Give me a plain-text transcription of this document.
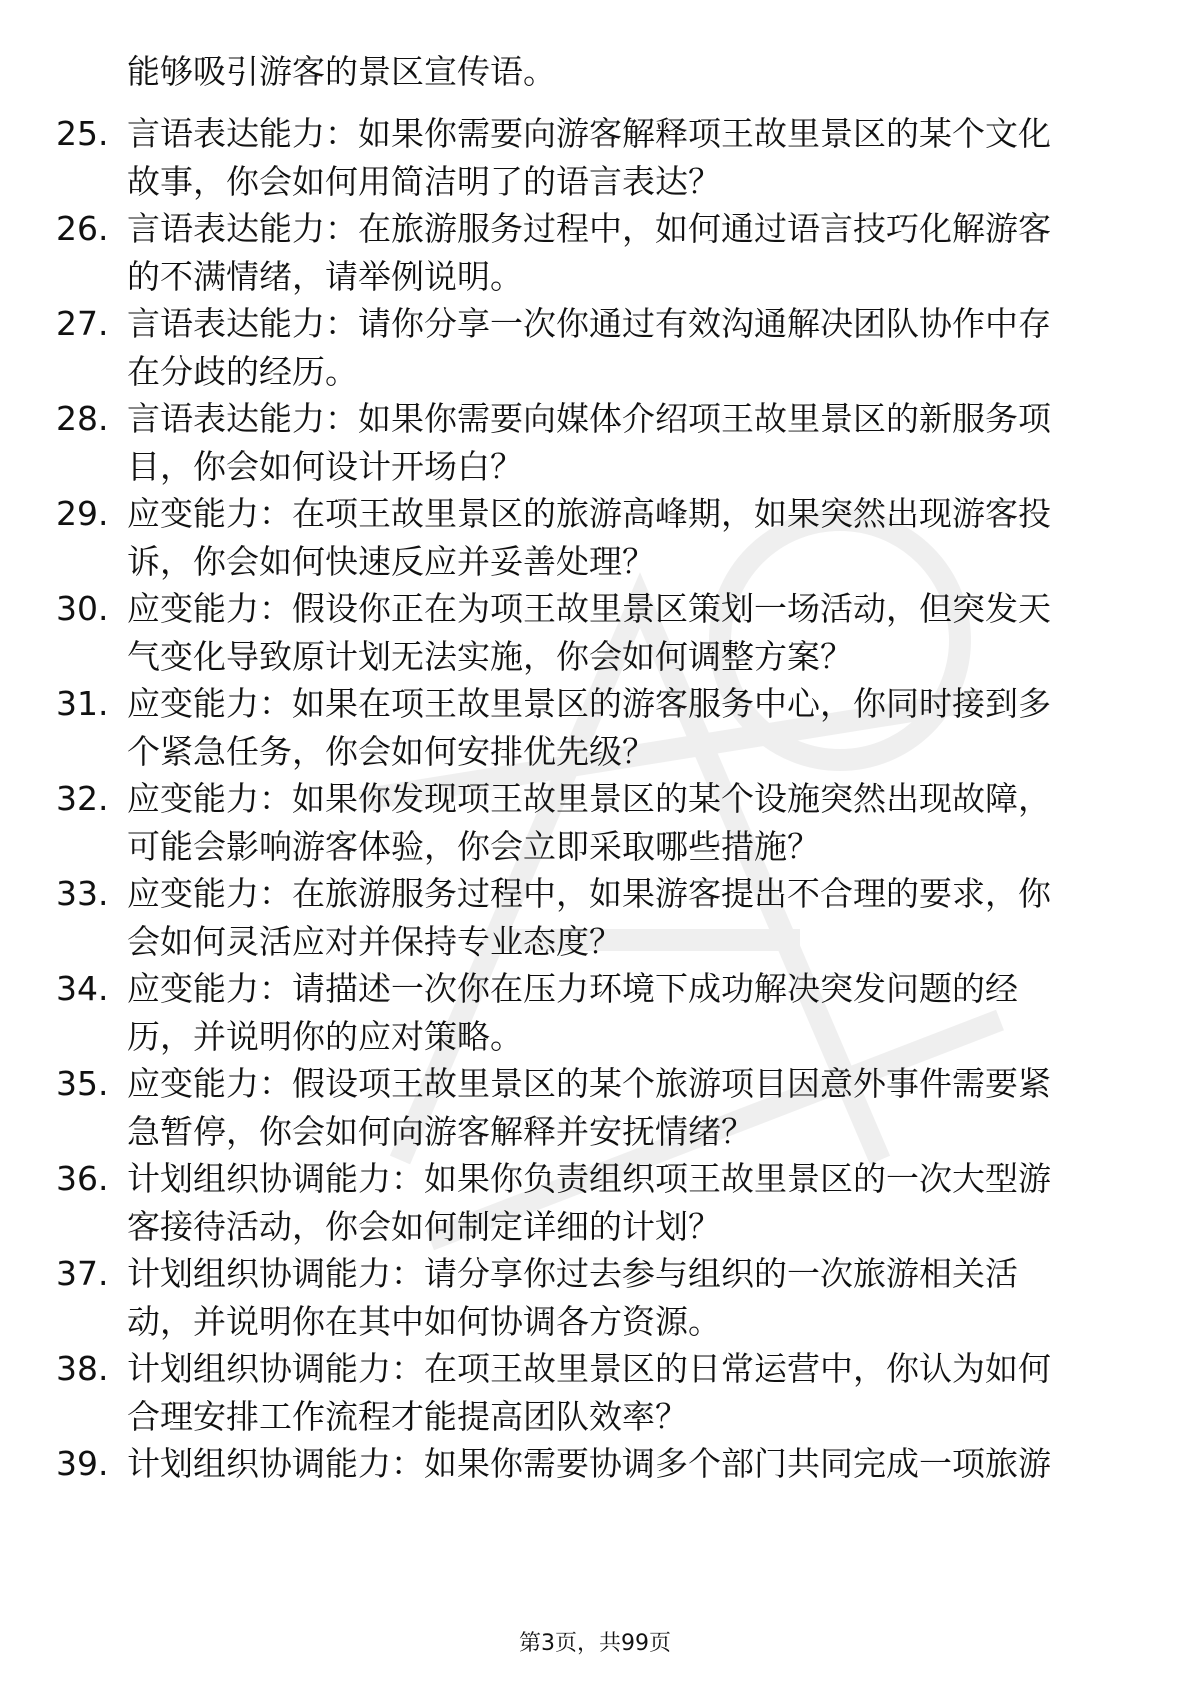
能够吸引游客的景区宣传语。
25. 言语表达能力：如果你需要向游客解释项王故里景区的某个文化
故事，你会如何用简洁明了的语言表达？
26. 言语表达能力：在旅游服务过程中，如何通过语言技巧化解游客
的不满情绪，请举例说明。
27. 言语表达能力：请你分享一次你通过有效沟通解决团队协作中存
在分歧的经历。
28. 言语表达能力：如果你需要向媒体介绍项王故里景区的新服务项
目，你会如何设计开场白？
29. 应变能力：在项王故里景区的旅游高峰期，如果突然出现游客投
诉，你会如何快速反应并妥善处理？
30. 应变能力：假设你正在为项王故里景区策划一场活动，但突发天
气变化导致原计划无法实施，你会如何调整方案？
31. 应变能力：如果在项王故里景区的游客服务中心，你同时接到多
个紧急任务，你会如何安排优先级？
32. 应变能力：如果你发现项王故里景区的某个设施突然出现故障，
可能会影响游客体验，你会立即采取哪些措施？
33. 应变能力：在旅游服务过程中，如果游客提出不合理的要求，你
会如何灵活应对并保持专业态度？
34. 应变能力：请描述一次你在压力环境下成功解决突发问题的经
历，并说明你的应对策略。
35. 应变能力：假设项王故里景区的某个旅游项目因意外事件需要紧
急暂停，你会如何向游客解释并安抚情绪？
36. 计划组织协调能力：如果你负责组织项王故里景区的一次大型游
客接待活动，你会如何制定详细的计划？
37. 计划组织协调能力：请分享你过去参与组织的一次旅游相关活
动，并说明你在其中如何协调各方资源。
38. 计划组织协调能力：在项王故里景区的日常运营中，你认为如何
合理安排工作流程才能提高团队效率？
39. 计划组织协调能力：如果你需要协调多个部门共同完成一项旅游
第3页，共99页
